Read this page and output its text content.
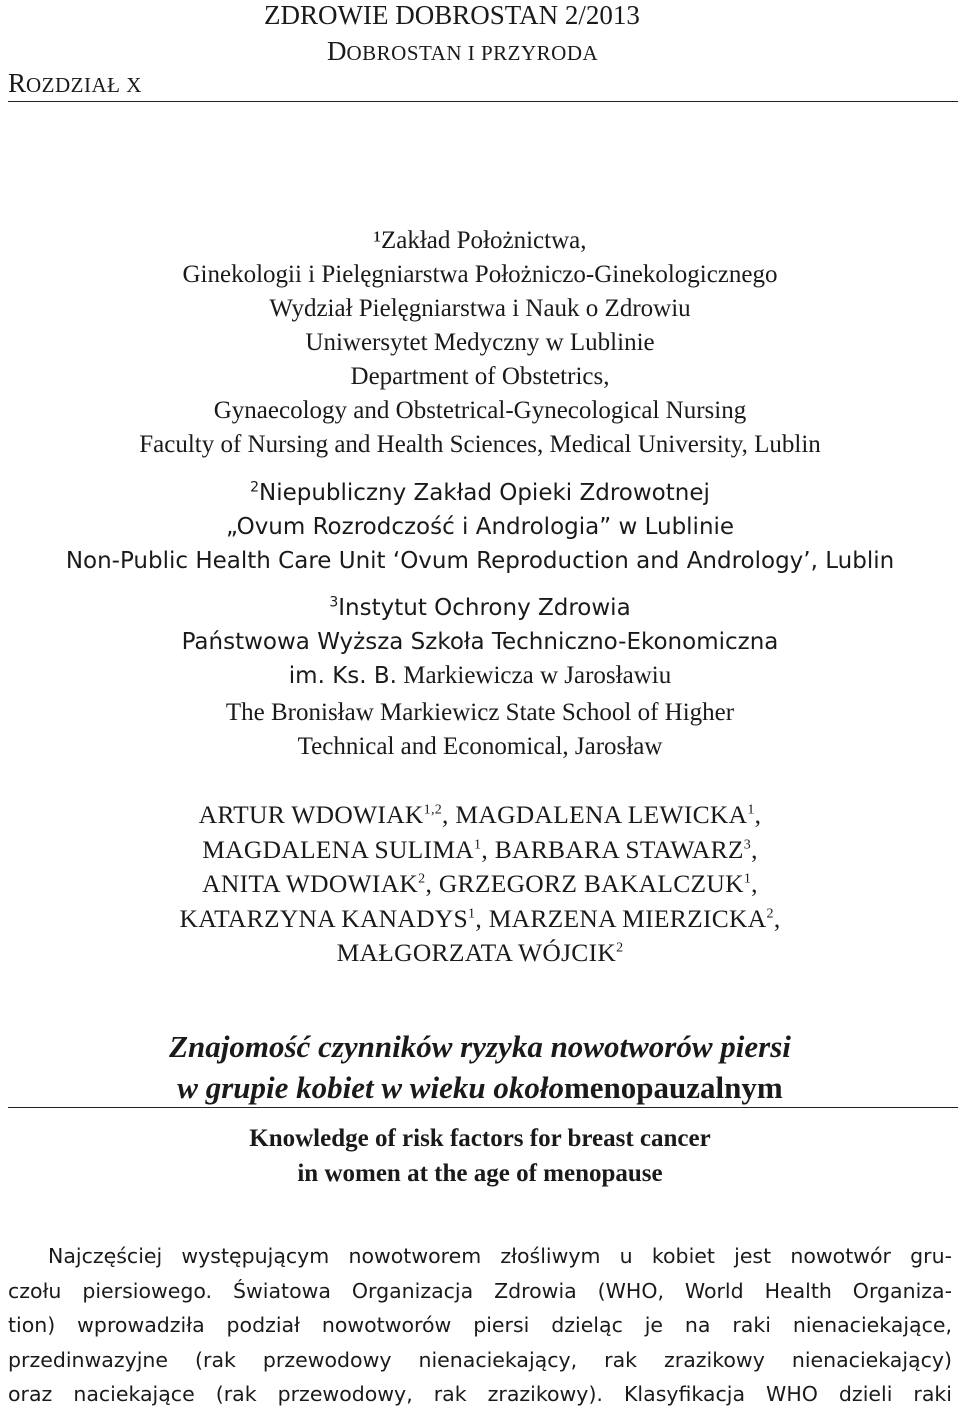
ZDROWIE DOBROSTAN 2/2013
DOBROSTAN I PRZYRODA
ROZDZIAŁ X
¹Zakład Położnictwa,
Ginekologii i Pielęgniarstwa Położniczo-Ginekologicznego
Wydział Pielęgniarstwa i Nauk o Zdrowiu
Uniwersytet Medyczny w Lublinie
Department of Obstetrics,
Gynaecology and Obstetrical-Gynecological Nursing
Faculty of Nursing and Health Sciences, Medical University, Lublin
$^2$Niepubliczny Zakład Opieki Zdrowotnej
„Ovum Rozrodczość i Andrologia” w Lublinie
Non-Public Health Care Unit ‘Ovum Reproduction and Andrology’, Lublin
$^3$Instytut Ochrony Zdrowia
Państwowa Wyższa Szkoła Techniczno-Ekonomiczna
im. Ks. B. Markiewicza w Jarosławiu
The Bronisław Markiewicz State School of Higher
Technical and Economical, Jarosław
ARTUR WDOWIAK$^{1,2}$, MAGDALENA LEWICKA$^1$,
MAGDALENA SULIMA$^1$, BARBARA STAWARZ$^3$,
ANITA WDOWIAK$^2$, GRZEGORZ BAKALCZUK$^1$,
KATARZYNA KANADYS$^1$, MARZENA MIERZICKA$^2$,
MAŁGORZATA WÓJCIK$^2$
Znajomość czynników ryzyka nowotworów piersi
w grupie kobiet w wieku okołomenopauzalnym
Knowledge of risk factors for breast cancer
in women at the age of menopause
Najczęściej występującym nowotworem złośliwym u kobiet jest nowotwór gru-
czołu piersiowego. Światowa Organizacja Zdrowia (WHO, World Health Organiza-
tion) wprowadziła podział nowotworów piersi dzieląc je na raki nienaciekające,
przedinwazyjne (rak przewodowy nienaciekający, rak zrazikowy nienaciekający)
oraz naciekające (rak przewodowy, rak zrazikowy). Klasyfikacja WHO dzieli raki
